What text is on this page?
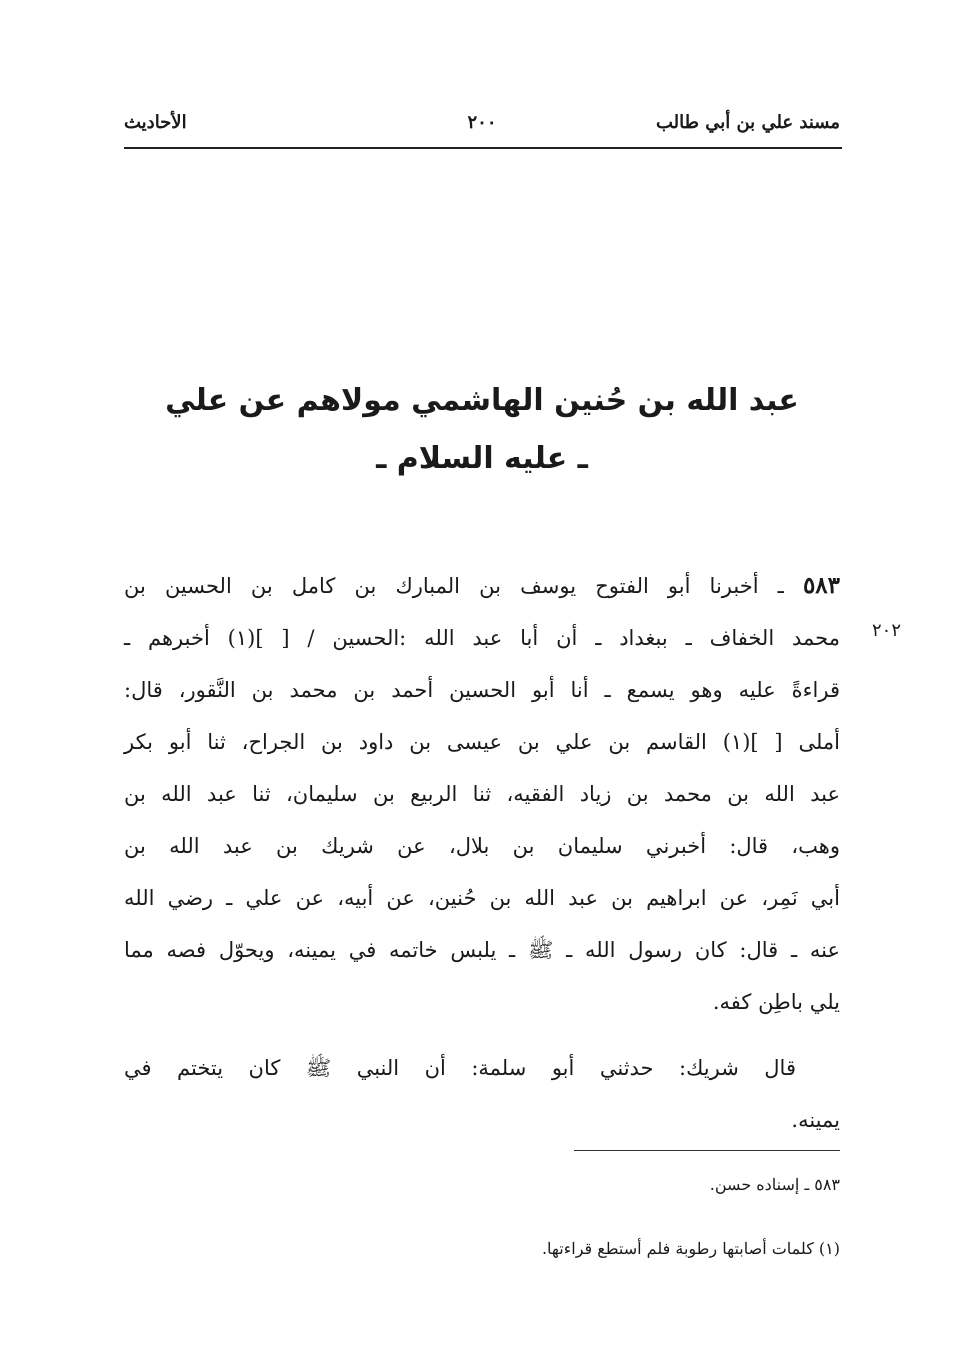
مسند علي بن أبي طالب
٢٠٠
الأحاديث
عبد الله بن حُنين الهاشمي مولاهم عن علي
ـ عليه السلام ـ
٢٠٢
٥٨٣ ـ أخبرنا أبو الفتوح يوسف بن المبارك بن كامل بن الحسين بن
محمد الخفاف ـ ببغداد ـ أن أبا عبد الله :الحسين / [ ](١) أخبرهم ـ
قراءةً عليه وهو يسمع ـ أنا أبو الحسين أحمد بن محمد بن النَّقور، قال:
أملى [ ](١) القاسم بن علي بن عيسى بن داود بن الجراح، ثنا أبو بكر
عبد الله بن محمد بن زياد الفقيه، ثنا الربيع بن سليمان، ثنا عبد الله بن
وهب، قال: أخبرني سليمان بن بلال، عن شريك بن عبد الله بن
أبي نَمِر، عن ابراهيم بن عبد الله بن حُنين، عن أبيه، عن علي ـ رضي الله
عنه ـ قال: كان رسول الله ـ ﷺ ـ يلبس خاتمه في يمينه، ويحوّل فصه مما
يلي باطِن كفه.
قال شريك: حدثني أبو سلمة: أن النبي ﷺ كان يتختم في
يمينه.
٥٨٣ ـ إسناده حسن.
(١) كلمات أصابتها رطوبة فلم أستطع قراءتها.
